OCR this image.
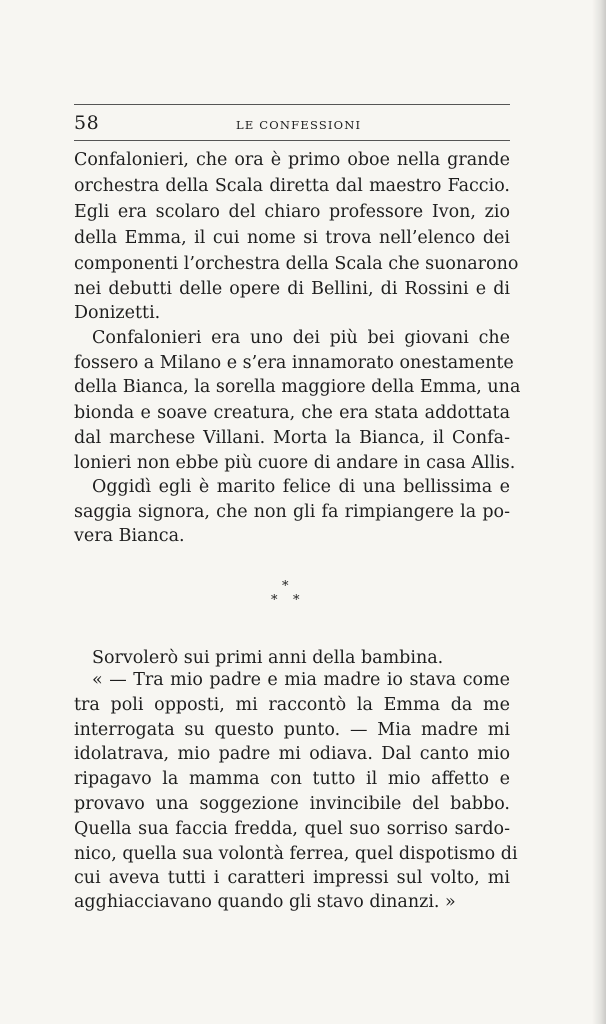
58	LE CONFESSIONI
Confalonieri, che ora è primo oboe nella grande
orchestra della Scala diretta dal maestro Faccio.
Egli era scolaro del chiaro professore Ivon, zio
della Emma, il cui nome si trova nell’elenco dei
componenti l’orchestra della Scala che suonarono
nei debutti delle opere di Bellini, di Rossini e di
Donizetti.
Confalonieri era uno dei più bei giovani che
fossero a Milano e s’era innamorato onestamente
della Bianca, la sorella maggiore della Emma, una
bionda e soave creatura, che era stata addottata
dal marchese Villani. Morta la Bianca, il Confa-
lonieri non ebbe più cuore di andare in casa Allis.
Oggidì egli è marito felice di una bellissima e
saggia signora, che non gli fa rimpiangere la po-
vera Bianca.
*
* *
Sorvolerò sui primi anni della bambina.
« — Tra mio padre e mia madre io stava come
tra poli opposti, mi raccontò la Emma da me
interrogata su questo punto. — Mia madre mi
idolatrava, mio padre mi odiava. Dal canto mio
ripagavo la mamma con tutto il mio affetto e
provavo una soggezione invincibile del babbo.
Quella sua faccia fredda, quel suo sorriso sardo-
nico, quella sua volontà ferrea, quel dispotismo di
cui aveva tutti i caratteri impressi sul volto, mi
agghiacciavano quando gli stavo dinanzi. »
